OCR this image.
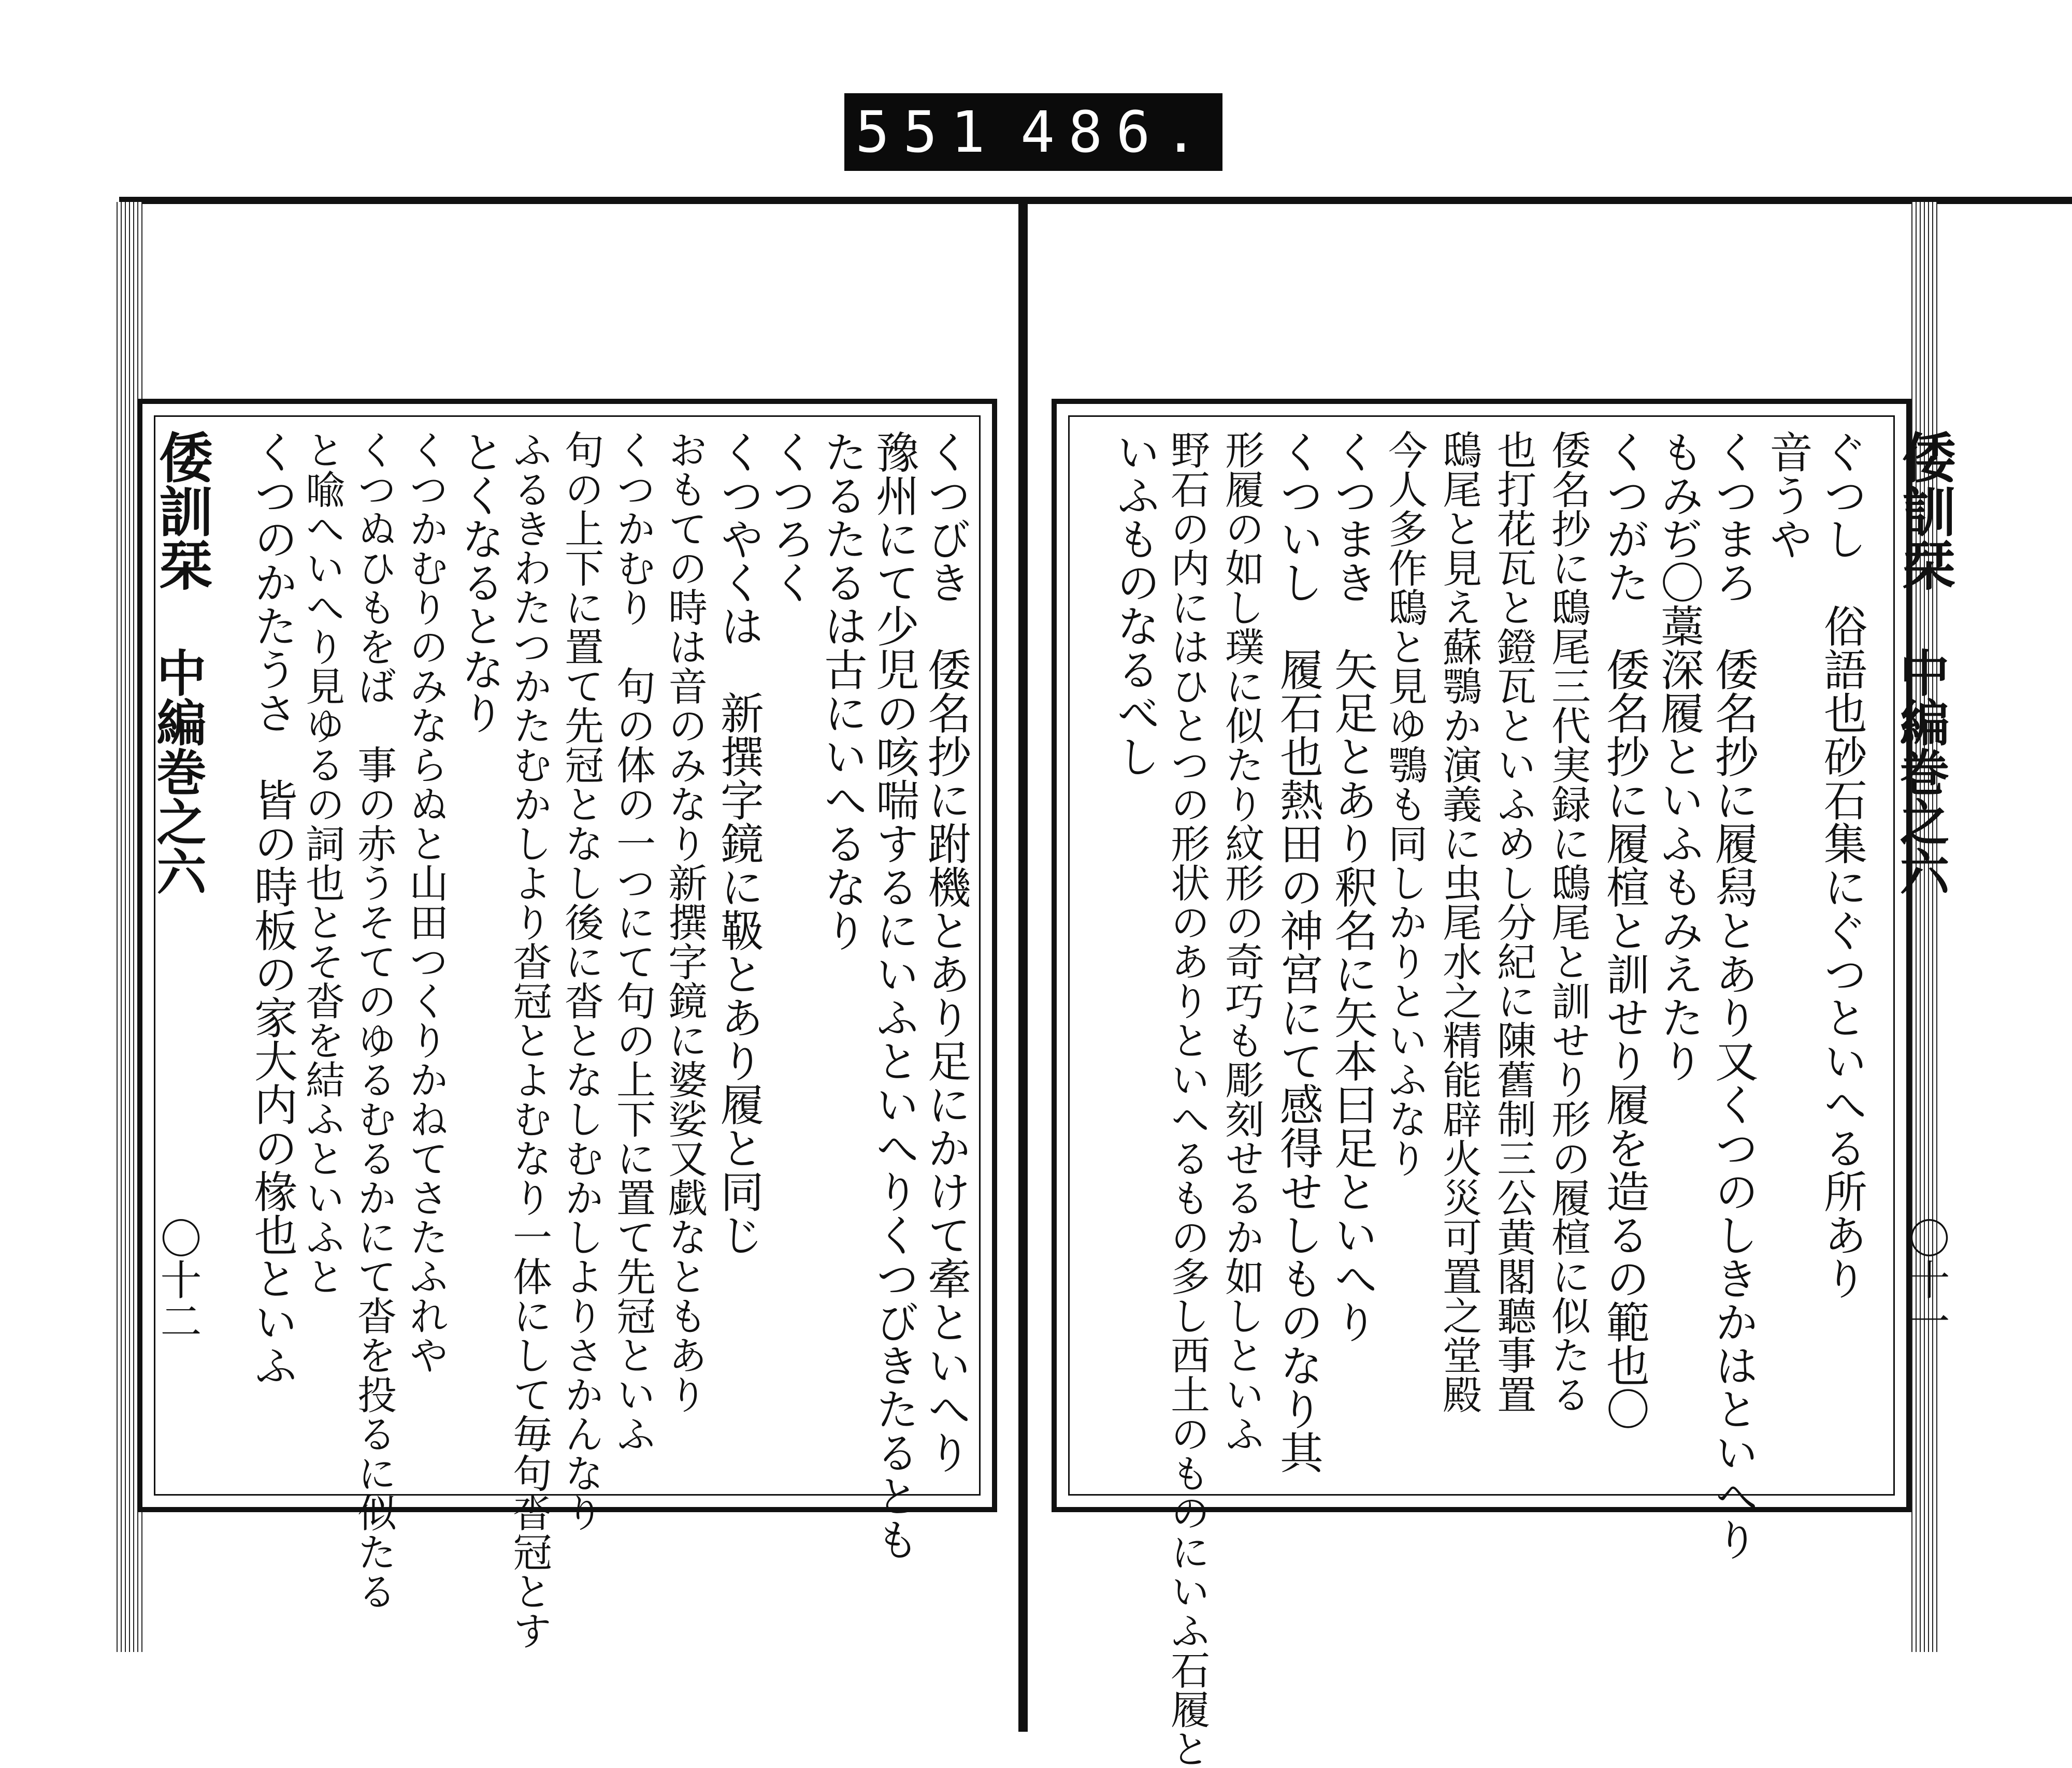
551 486.
倭訓栞
中編巻之六
〇十一
倭訓栞
中編巻之六
〇十二	ぐつし　俗語也砂石集にぐつといへる所あり
音うや
くつまろ　倭名抄に履舄とあり又くつのしきかはといへり
もみぢ〇藁深履といふもみえたり
くつがた　倭名抄に履楦と訓せり履を造るの範也〇
倭名抄に鴟尾三代実録に鴟尾と訓せり形の履楦に似たる
也打花瓦と鐙瓦といふめし分紀に陳舊制三公黄閣聽事置
鴟尾と見え蘇鶚か演義に虫尾水之精能辟火災可置之堂殿
今人多作鴟と見ゆ鶚も同しかりといふなり
くつまき　矢足とあり釈名に矢本曰足といへり
くついし　履石也熱田の神宮にて感得せしものなり其
形履の如し璞に似たり紋形の奇巧も彫刻せるか如しといふ
野石の内にはひとつの形状のありといへるもの多し西土のものにいふ石履と
いふものなるべし
くつびき　倭名抄に跗機とあり足にかけて牽といへり
豫州にて少児の咳喘するにいふといへりくつびきたるとも
たるたるは古にいへるなり
くつろく
くつやくは　新撰字鏡に靸とあり履と同じ
おもての時は音のみなり新撰字鏡に婆娑又戯なともあり
くつかむり　句の体の一つにて句の上下に置て先冠といふ
句の上下に置て先冠となし後に沓となしむかしよりさかんなり
ふるきわたつかたむかしより沓冠とよむなり一体にして毎句沓冠とす
とくなるとなり
くつかむりのみならぬと山田つくりかねてさたふれや
くつぬひもをば　事の赤うそてのゆるむるかにて沓を投るに似たる
と喩へいへり見ゆるの詞也とそ沓を結ふといふと
くつのかたうさ　皆の時板の家大内の椽也といふ
